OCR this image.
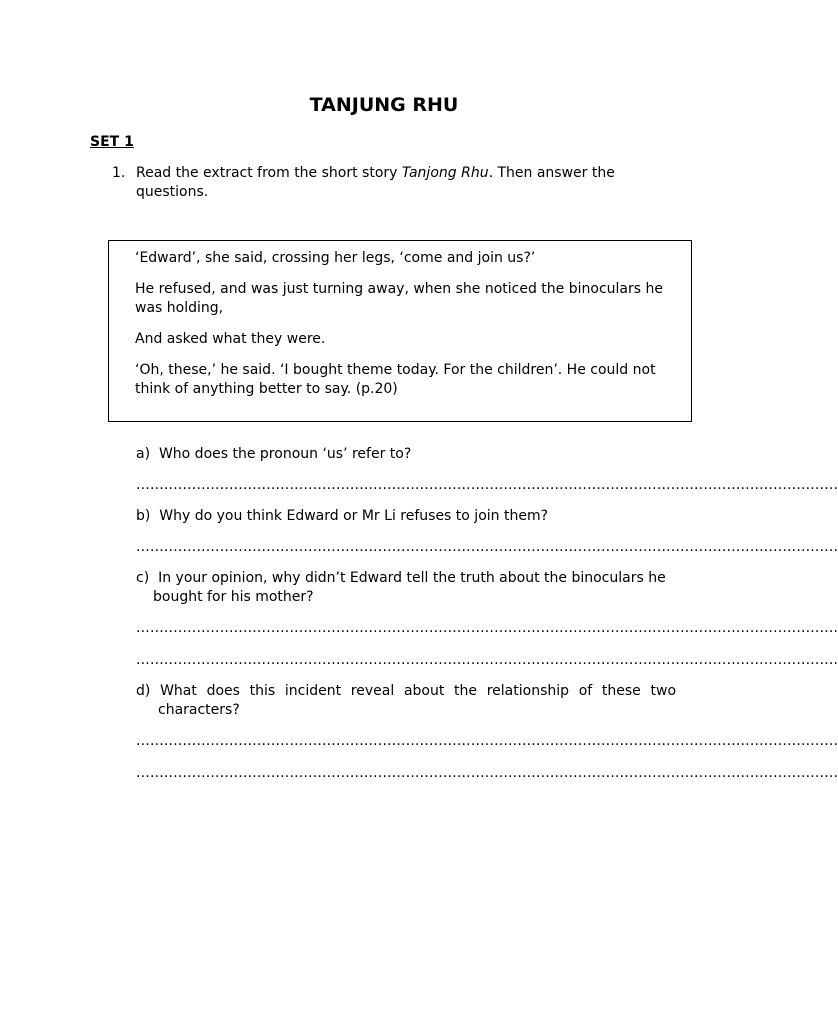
TANJUNG RHU
SET 1
1. Read the extract from the short story Tanjong Rhu. Then answer the questions.

‘Edward’, she said, crossing her legs, ‘come and join us?’

He refused, and was just turning away, when she noticed the binoculars he was holding,

And asked what they were.

‘Oh, these,’ he said. ‘I bought theme today. For the children’. He could not think of anything better to say. (p.20)

a) Who does the pronoun ‘us’ refer to?
.......................................................................................................................................................
b) Why do you think Edward or Mr Li refuses to join them?
.......................................................................................................................................................
c) In your opinion, why didn’t Edward tell the truth about the binoculars he bought for his mother?
.......................................................................................................................................................
.......................................................................................................................................................
d) What does this incident reveal about the relationship of these two characters?
.......................................................................................................................................................
.......................................................................................................................................................
